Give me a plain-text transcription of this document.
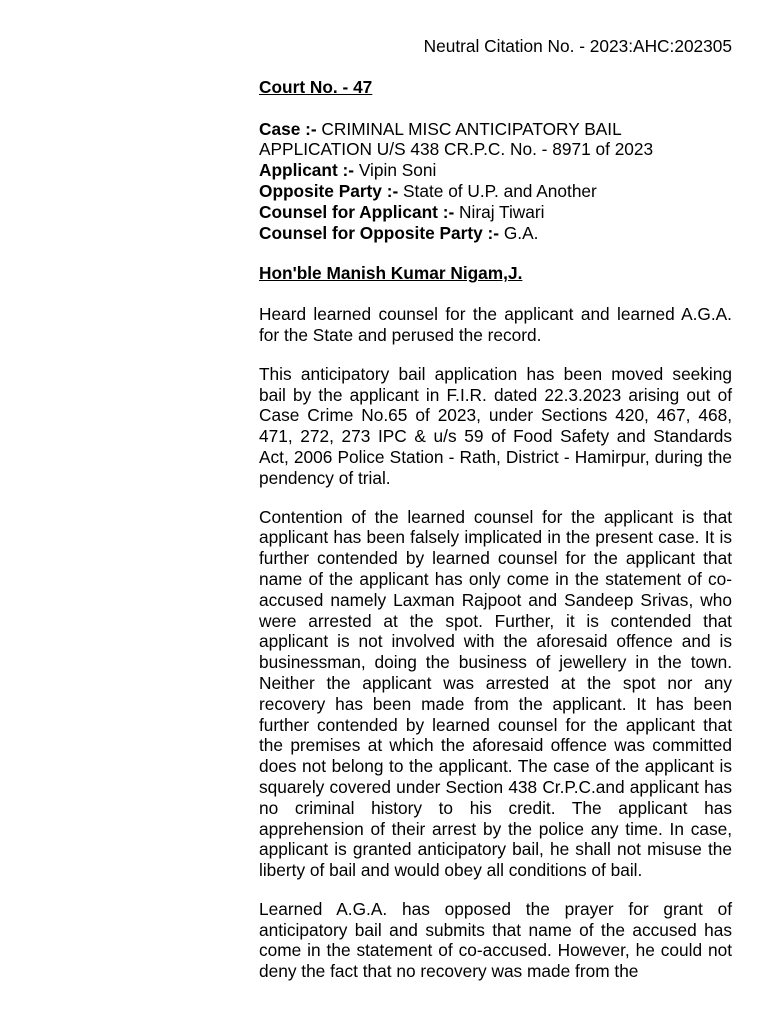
Neutral Citation No. - 2023:AHC:202305

Court No. - 47

Case :- CRIMINAL MISC ANTICIPATORY BAIL APPLICATION U/S 438 CR.P.C. No. - 8971 of 2023

Applicant :- Vipin Soni

Opposite Party :- State of U.P. and Another

Counsel for Applicant :- Niraj Tiwari

Counsel for Opposite Party :- G.A.

Hon'ble Manish Kumar Nigam,J.

Heard learned counsel for the applicant and learned A.G.A. for the State and perused the record.

This anticipatory bail application has been moved seeking bail by the applicant in F.I.R. dated 22.3.2023 arising out of Case Crime No.65 of 2023, under Sections 420, 467, 468, 471, 272, 273 IPC & u/s 59 of Food Safety and Standards Act, 2006 Police Station - Rath, District - Hamirpur, during the pendency of trial.

Contention of the learned counsel for the applicant is that applicant has been falsely implicated in the present case. It is further contended by learned counsel for the applicant that name of the applicant has only come in the statement of co-accused namely Laxman Rajpoot and Sandeep Srivas, who were arrested at the spot. Further, it is contended that applicant is not involved with the aforesaid offence and is businessman, doing the business of jewellery in the town. Neither the applicant was arrested at the spot nor any recovery has been made from the applicant. It has been further contended by learned counsel for the applicant that the premises at which the aforesaid offence was committed does not belong to the applicant. The case of the applicant is squarely covered under Section 438 Cr.P.C.and applicant has no criminal history to his credit. The applicant has apprehension of their arrest by the police any time. In case, applicant is granted anticipatory bail, he shall not misuse the liberty of bail and would obey all conditions of bail.

Learned A.G.A. has opposed the prayer for grant of anticipatory bail and submits that name of the accused has come in the statement of co-accused. However, he could not deny the fact that no recovery was made from the
